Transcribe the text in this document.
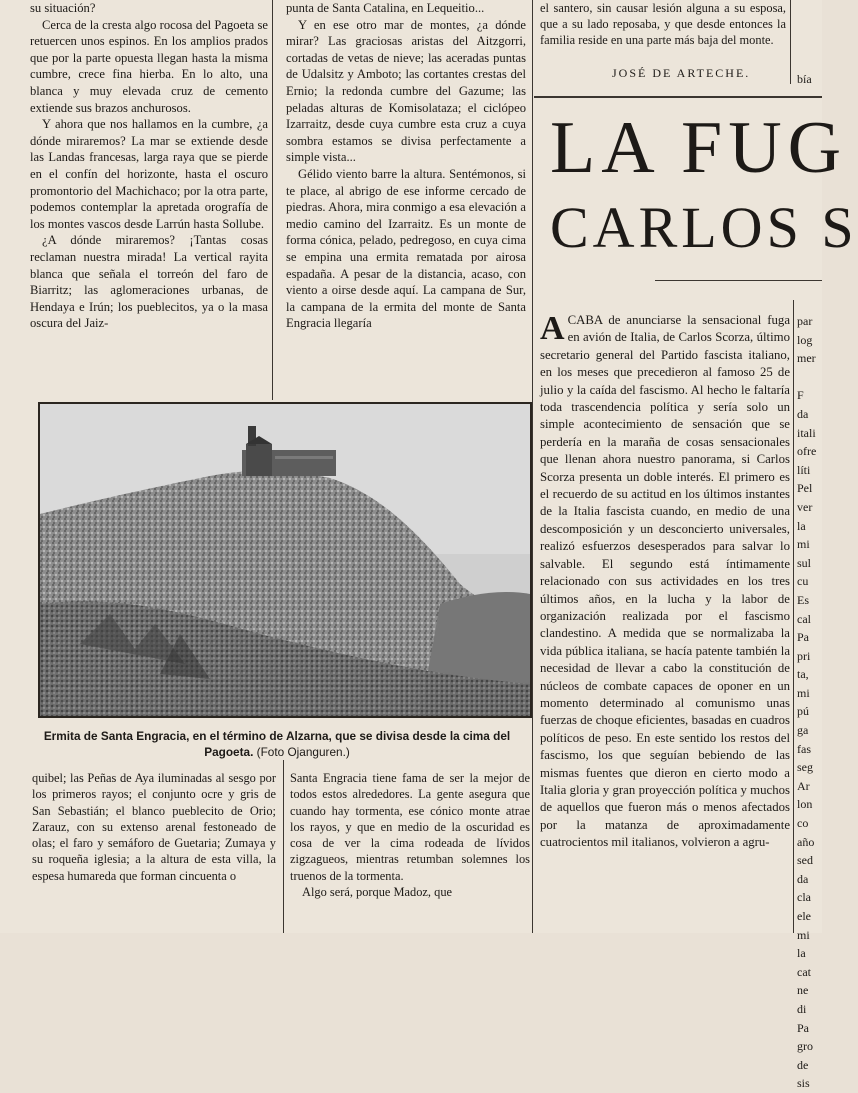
su situación?

Cerca de la cresta algo rocosa del Pagoeta se retuercen unos espinos. En los amplios prados que por la parte opuesta llegan hasta la misma cumbre, crece fina hierba. En lo alto, una blanca y muy elevada cruz de cemento extiende sus brazos anchurosos.

Y ahora que nos hallamos en la cumbre, ¿a dónde miraremos? La mar se extiende desde las Landas francesas, larga raya que se pierde en el confín del horizonte, hasta el oscuro promontorio del Machichaco; por la otra parte, podemos contemplar la apretada orografía de los montes vascos desde Larrún hasta Sollube.

¿A dónde miraremos? ¡Tantas cosas reclaman nuestra mirada! La vertical rayita blanca que señala el torreón del faro de Biarritz; las aglomeraciones urbanas, de Hendaya e Irún; los pueblecitos, ya o la masa oscura del Jaiz-

punta de Santa Catalina, en Lequeitio...

Y en ese otro mar de montes, ¿a dónde mirar? Las graciosas aristas del Aitzgorri, cortadas de vetas de nieve; las aceradas puntas de Udalsitz y Amboto; las cortantes crestas del Ernio; la redonda cumbre del Gazume; las peladas alturas de Komisolataza; el ciclópeo Izarraitz, desde cuya cumbre esta cruz a cuya sombra estamos se divisa perfectamente a simple vista...

Gélido viento barre la altura. Sentémonos, si te place, al abrigo de ese informe cercado de piedras. Ahora, mira conmigo a esa elevación a medio camino del Izarraitz. Es un monte de forma cónica, pelado, pedregoso, en cuya cima se empina una ermita rematada por airosa espadaña. A pesar de la distancia, acaso, con viento a oirse desde aquí. La campana de Sur, la campana de la ermita del monte de Santa Engracia llegaría

Ermita de Santa Engracia, en el término de Alzarna, que se divisa desde la cima del Pagoeta. (Foto Ojanguren.)

quibel; las Peñas de Aya iluminadas al sesgo por los primeros rayos; el conjunto ocre y gris de San Sebastián; el blanco pueblecito de Orio; Zarauz, con su extenso arenal festoneado de olas; el faro y semáforo de Guetaria; Zumaya y su roqueña iglesia; a la altura de esta villa, la espesa humareda que forman cincuenta o

Santa Engracia tiene fama de ser la mejor de todos estos alrededores. La gente asegura que cuando hay tormenta, ese cónico monte atrae los rayos, y que en medio de la oscuridad es cosa de ver la cima rodeada de lívidos zigzagueos, mientras retumban solemnes los truenos de la tormenta.

Algo será, porque Madoz, que

el santero, sin causar lesión alguna a su esposa, que a su lado reposaba, y que desde entonces la familia reside en una parte más baja del monte.

JOSÉ DE ARTECHE.
LA FUG
CARLOS S

ACABA de anunciarse la sensacional fuga en avión de Italia, de Carlos Scorza, último secretario general del Partido fascista italiano, en los meses que precedieron al famoso 25 de julio y la caída del fascismo. Al hecho le faltaría toda trascendencia política y sería solo un simple acontecimiento de sensación que se perdería en la maraña de cosas sensacionales que llenan ahora nuestro panorama, si Carlos Scorza presenta un doble interés. El primero es el recuerdo de su actitud en los últimos instantes de la Italia fascista cuando, en medio de una descomposición y un desconcierto universales, realizó esfuerzos desesperados para salvar lo salvable. El segundo está íntimamente relacionado con sus actividades en los tres últimos años, en la lucha y la labor de organización realizada por el fascismo clandestino. A medida que se normalizaba la vida pública italiana, se hacía patente también la necesidad de llevar a cabo la constitución de núcleos de combate capaces de oponer en un momento determinado al comunismo unas fuerzas de choque eficientes, basadas en cuadros políticos de peso. En este sentido los restos del fascismo, los que seguían bebiendo de las mismas fuentes que dieron en cierto modo a Italia gloria y gran proyección política y muchos de aquellos que fueron más o menos afectados por la matanza de aproximadamente cuatrocientos mil italianos, volvieron a agru-

bía
par
log
mer

F
da
itali
ofre
líti
Pel
ver
la
mi
sul
cu
Es
cal
Pa
pri
ta,
mi
pú
ga
fas
seg
Ar
lon
co
año
sed
da
cla
ele
mi
la
cat
ne
di
Pa
gro
de
sis
